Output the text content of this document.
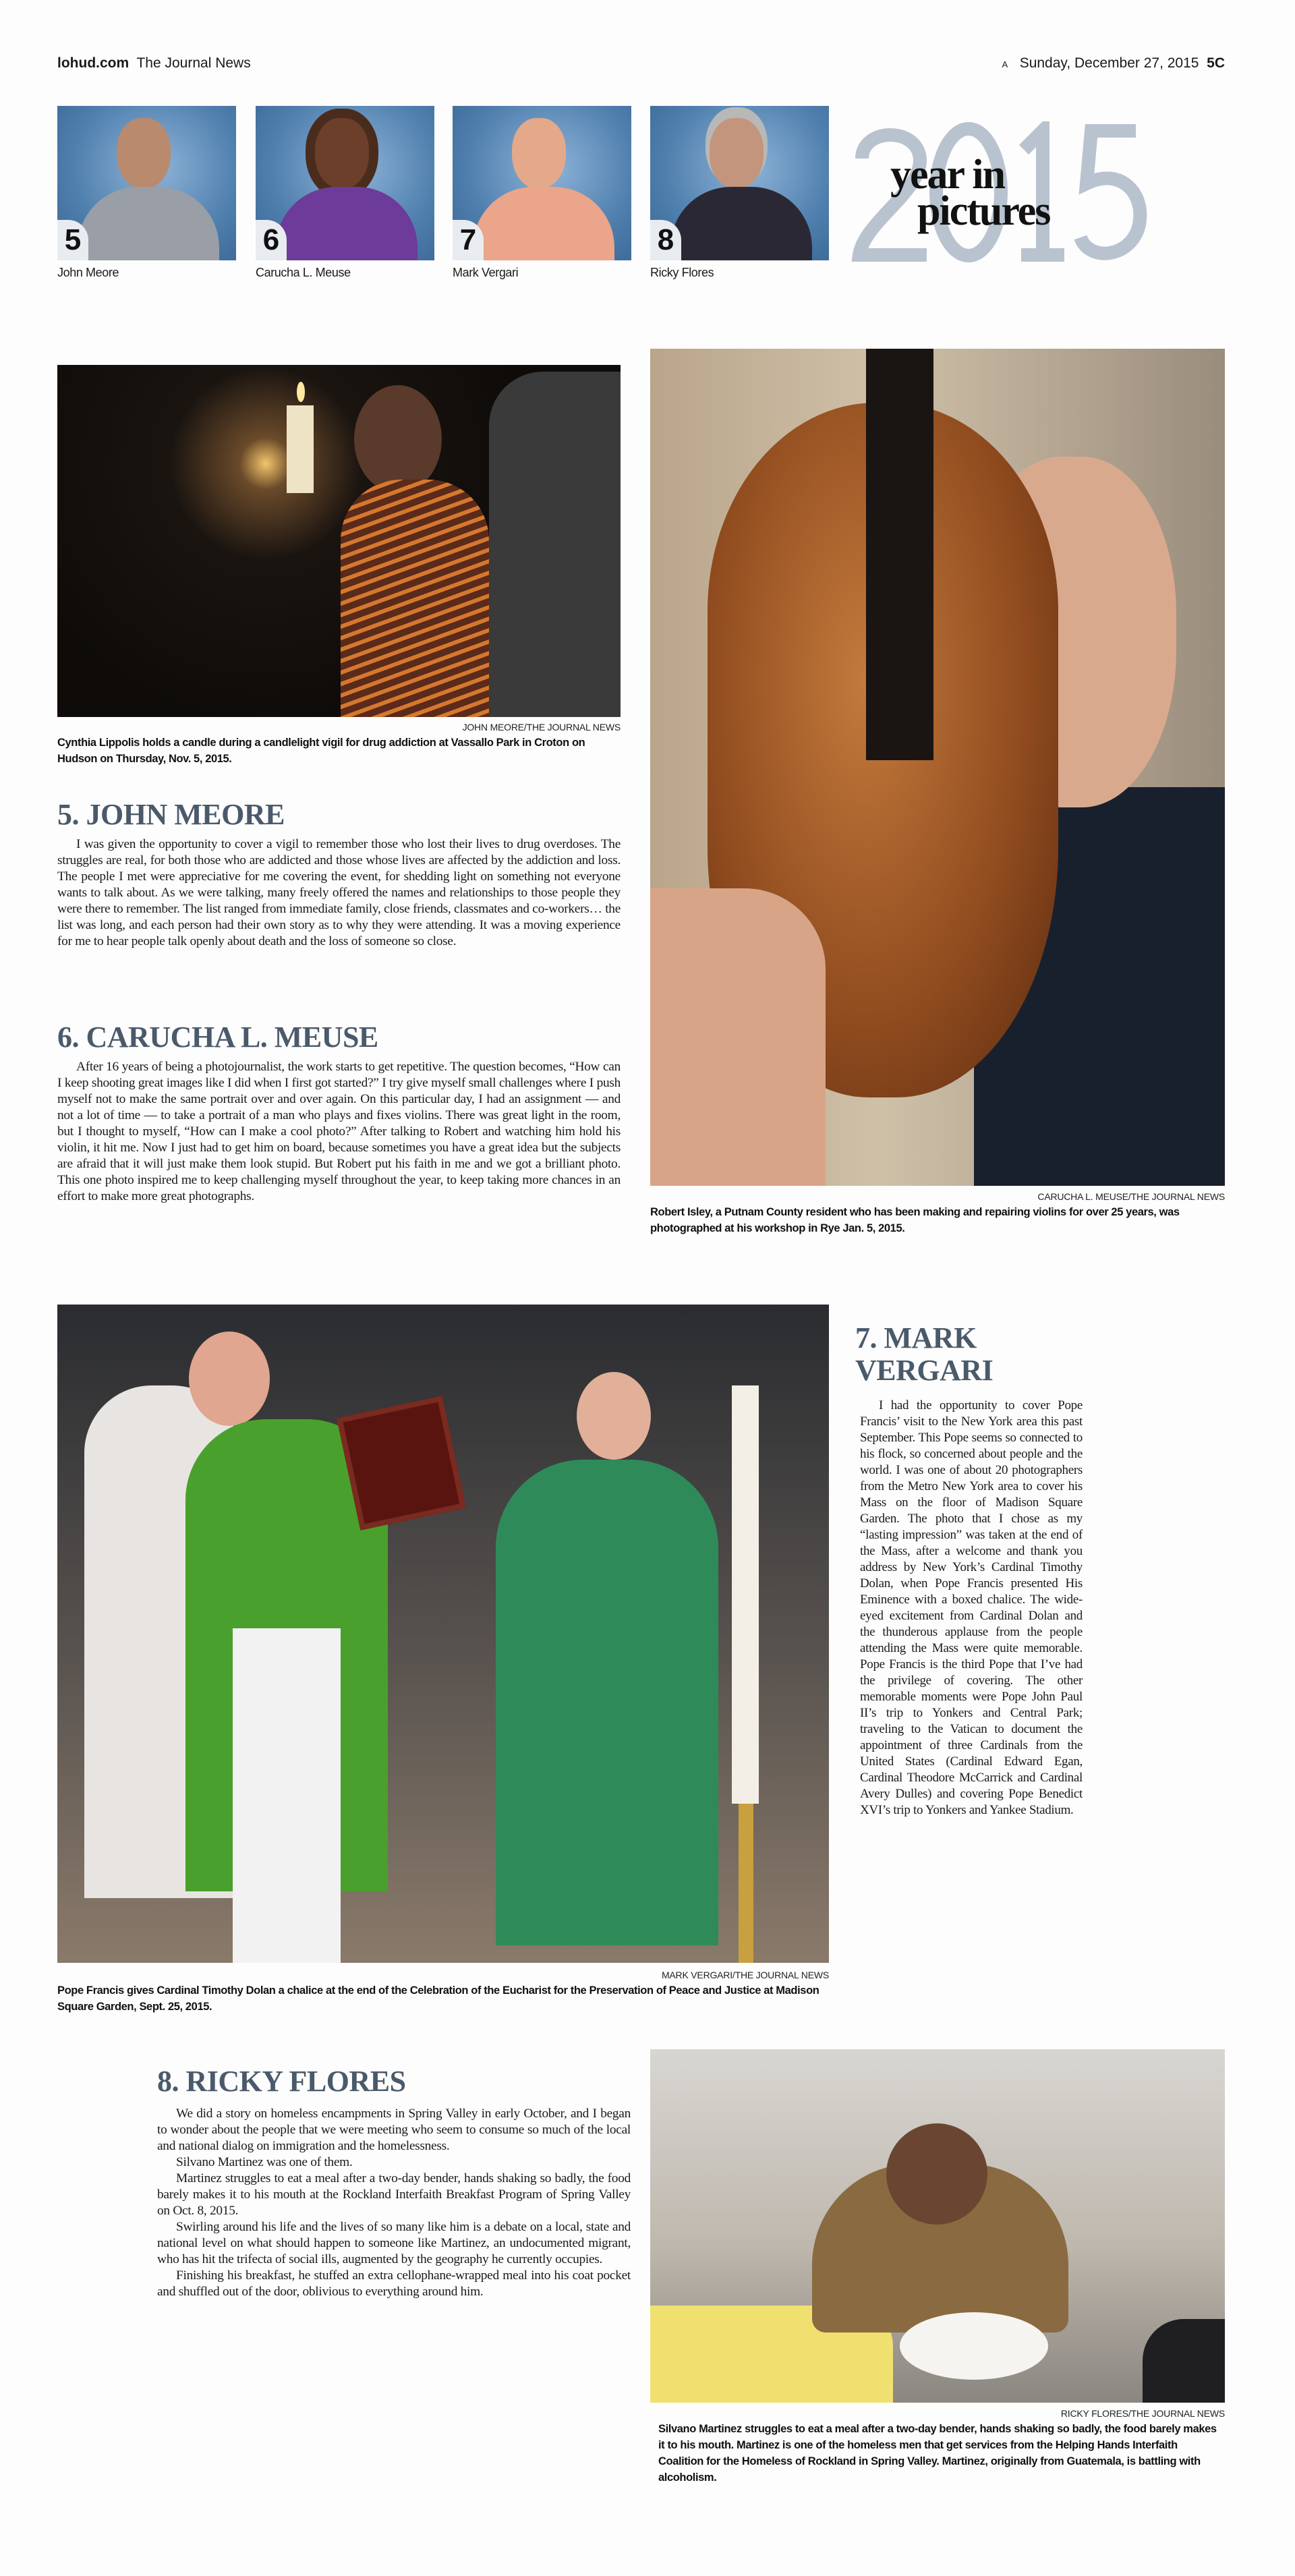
lohud.com The Journal News	A Sunday, December 27, 2015 5C
5
John Meore
6
Carucha L. Meuse
7
Mark Vergari
8
Ricky Flores
year in
pictures
JOHN MEORE/THE JOURNAL NEWS
Cynthia Lippolis holds a candle during a candlelight vigil for drug addiction at Vassallo Park in Croton on Hudson on Thursday, Nov. 5, 2015.
CARUCHA L. MEUSE/THE JOURNAL NEWS
Robert Isley, a Putnam County resident who has been making and repairing violins for over 25 years, was photographed at his workshop in Rye Jan. 5, 2015.
5. JOHN MEORE

I was given the opportunity to cover a vigil to remember those who lost their lives to drug overdoses. The struggles are real, for both those who are addicted and those whose lives are affected by the addiction and loss. The people I met were appreciative for me covering the event, for shedding light on something not everyone wants to talk about. As we were talking, many freely offered the names and relationships to those people they were there to remember. The list ranged from immediate family, close friends, classmates and co-workers… the list was long, and each person had their own story as to why they were attending. It was a moving experience for me to hear people talk openly about death and the loss of someone so close.

6. CARUCHA L. MEUSE

After 16 years of being a photojournalist, the work starts to get repetitive. The question becomes, “How can I keep shooting great images like I did when I first got started?” I try give myself small challenges where I push myself not to make the same portrait over and over again. On this particular day, I had an assignment — and not a lot of time — to take a portrait of a man who plays and fixes violins. There was great light in the room, but I thought to myself, “How can I make a cool photo?” After talking to Robert and watching him hold his violin, it hit me. Now I just had to get him on board, because sometimes you have a great idea but the subjects are afraid that it will just make them look stupid. But Robert put his faith in me and we got a brilliant photo. This one photo inspired me to keep challenging myself throughout the year, to keep taking more chances in an effort to make more great photographs.

MARK VERGARI/THE JOURNAL NEWS
Pope Francis gives Cardinal Timothy Dolan a chalice at the end of the Celebration of the Eucharist for the Preservation of Peace and Justice at Madison Square Garden, Sept. 25, 2015.
7. MARK VERGARI

I had the opportunity to cover Pope Francis’ visit to the New York area this past September. This Pope seems so connected to his flock, so concerned about people and the world. I was one of about 20 photographers from the Metro New York area to cover his Mass on the floor of Madison Square Garden. The photo that I chose as my “lasting impression” was taken at the end of the Mass, after a welcome and thank you address by New York’s Cardinal Timothy Dolan, when Pope Francis presented His Eminence with a boxed chalice. The wide-eyed excitement from Cardinal Dolan and the thunderous applause from the people attending the Mass were quite memorable. Pope Francis is the third Pope that I’ve had the privilege of covering. The other memorable moments were Pope John Paul II’s trip to Yonkers and Central Park; traveling to the Vatican to document the appointment of three Cardinals from the United States (Cardinal Edward Egan, Cardinal Theodore McCarrick and Cardinal Avery Dulles) and covering Pope Benedict XVI’s trip to Yonkers and Yankee Stadium.

8. RICKY FLORES

We did a story on homeless encampments in Spring Valley in early October, and I began to wonder about the people that we were meeting who seem to consume so much of the local and national dialog on immigration and the homelessness.

Silvano Martinez was one of them.

Martinez struggles to eat a meal after a two-day bender, hands shaking so badly, the food barely makes it to his mouth at the Rockland Interfaith Breakfast Program of Spring Valley on Oct. 8, 2015.

Swirling around his life and the lives of so many like him is a debate on a local, state and national level on what should happen to someone like Martinez, an undocumented migrant, who has hit the trifecta of social ills, augmented by the geography he currently occupies.

Finishing his breakfast, he stuffed an extra cellophane-wrapped meal into his coat pocket and shuffled out of the door, oblivious to everything around him.

RICKY FLORES/THE JOURNAL NEWS
Silvano Martinez struggles to eat a meal after a two-day bender, hands shaking so badly, the food barely makes it to his mouth. Martinez is one of the homeless men that get services from the Helping Hands Interfaith Coalition for the Homeless of Rockland in Spring Valley. Martinez, originally from Guatemala, is battling with alcoholism.
